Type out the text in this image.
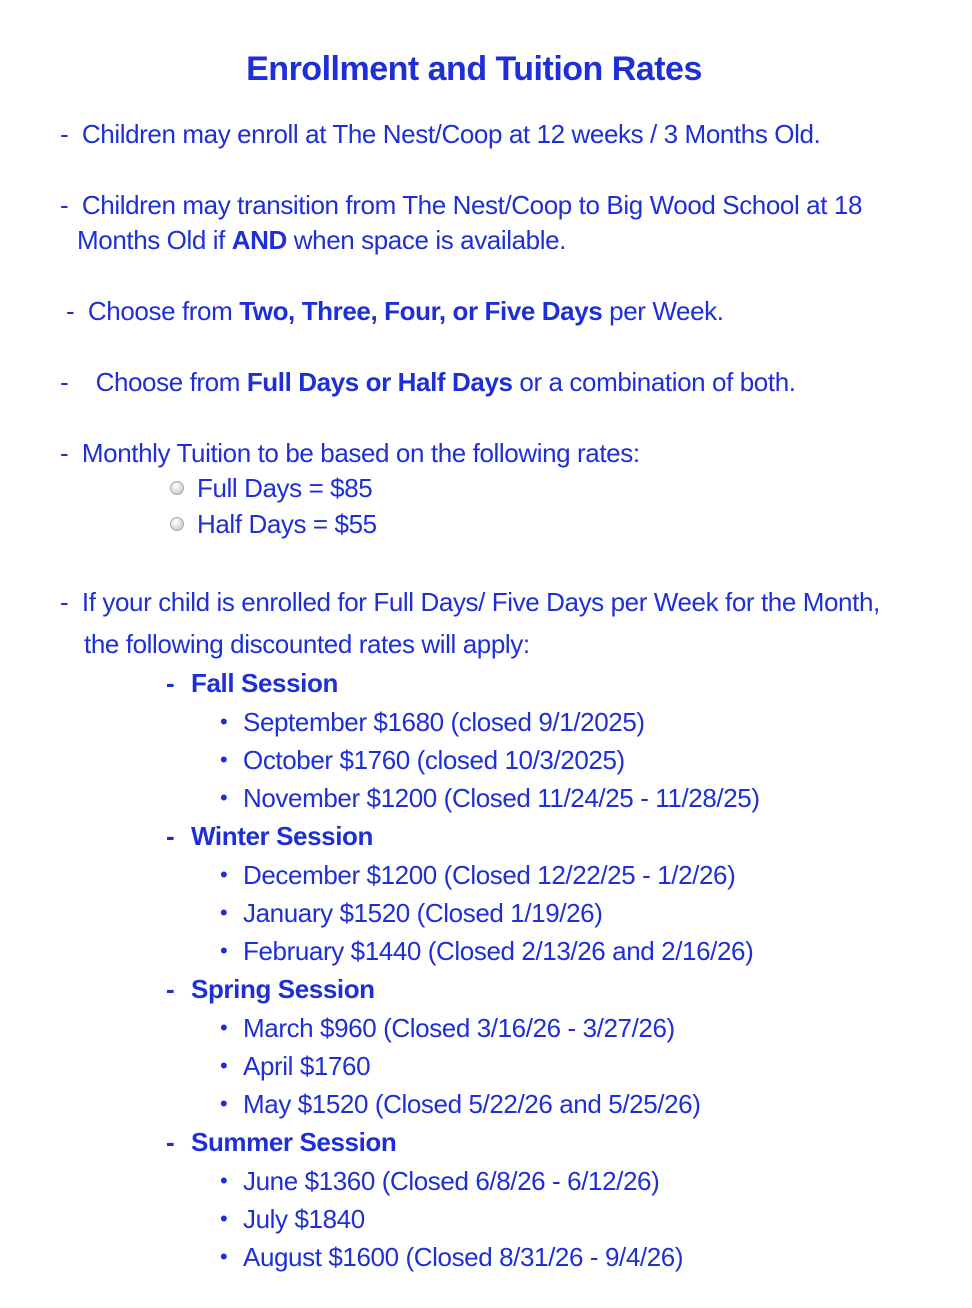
Enrollment and Tuition Rates
- Children may enroll at The Nest/Coop at 12 weeks / 3 Months Old.
- Children may transition from The Nest/Coop to Big Wood School at 18
Months Old if AND when space is available.
- Choose from Two, Three, Four, or Five Days per Week.
- Choose from Full Days or Half Days or a combination of both.
- Monthly Tuition to be based on the following rates:
Full Days = $85
Half Days = $55
- If your child is enrolled for Full Days/ Five Days per Week for the Month,
the following discounted rates will apply:
- Fall Session
• September $1680 (closed 9/1/2025)
• October $1760 (closed 10/3/2025)
• November $1200 (Closed 11/24/25 - 11/28/25)
- Winter Session
• December $1200 (Closed 12/22/25 - 1/2/26)
• January $1520 (Closed 1/19/26)
• February $1440 (Closed 2/13/26 and 2/16/26)
- Spring Session
• March $960 (Closed 3/16/26 - 3/27/26)
• April $1760
• May $1520 (Closed 5/22/26 and 5/25/26)
- Summer Session
• June $1360 (Closed 6/8/26 - 6/12/26)
• July $1840
• August $1600 (Closed 8/31/26 - 9/4/26)
